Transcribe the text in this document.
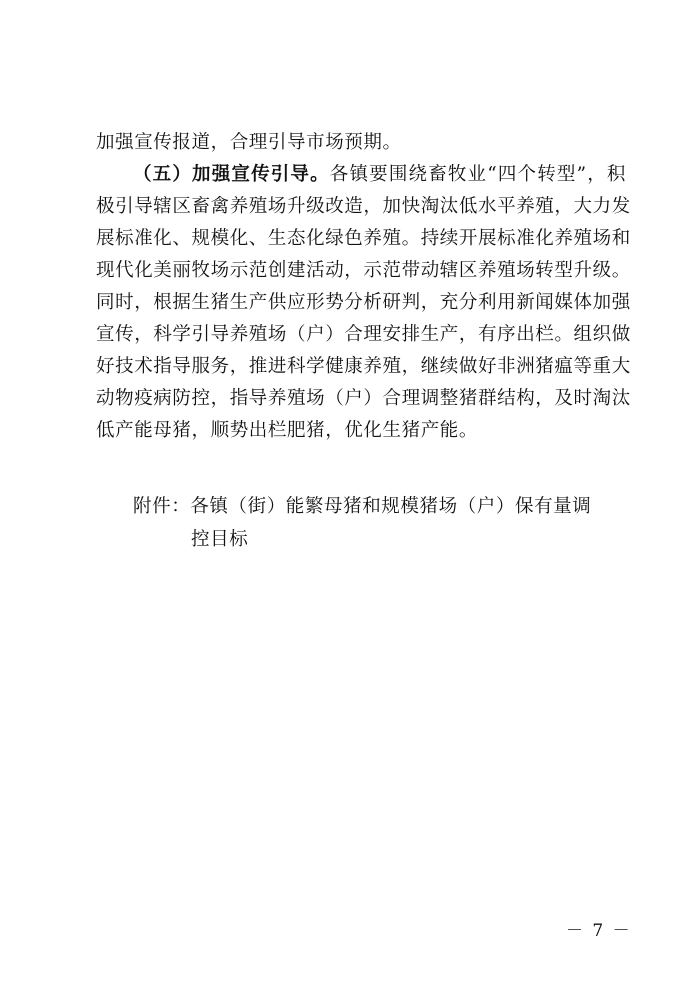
加强宣传报道，合理引导市场预期。
（五）加强宣传引导。各镇要围绕畜牧业“四个转型”，积
极引导辖区畜禽养殖场升级改造，加快淘汰低水平养殖，大力发
展标准化、规模化、生态化绿色养殖。持续开展标准化养殖场和
现代化美丽牧场示范创建活动，示范带动辖区养殖场转型升级。
同时，根据生猪生产供应形势分析研判，充分利用新闻媒体加强
宣传，科学引导养殖场（户）合理安排生产，有序出栏。组织做
好技术指导服务，推进科学健康养殖，继续做好非洲猪瘟等重大
动物疫病防控，指导养殖场（户）合理调整猪群结构，及时淘汰
低产能母猪，顺势出栏肥猪，优化生猪产能。
附件：各镇（街）能繁母猪和规模猪场（户）保有量调
控目标
－ 7 －
